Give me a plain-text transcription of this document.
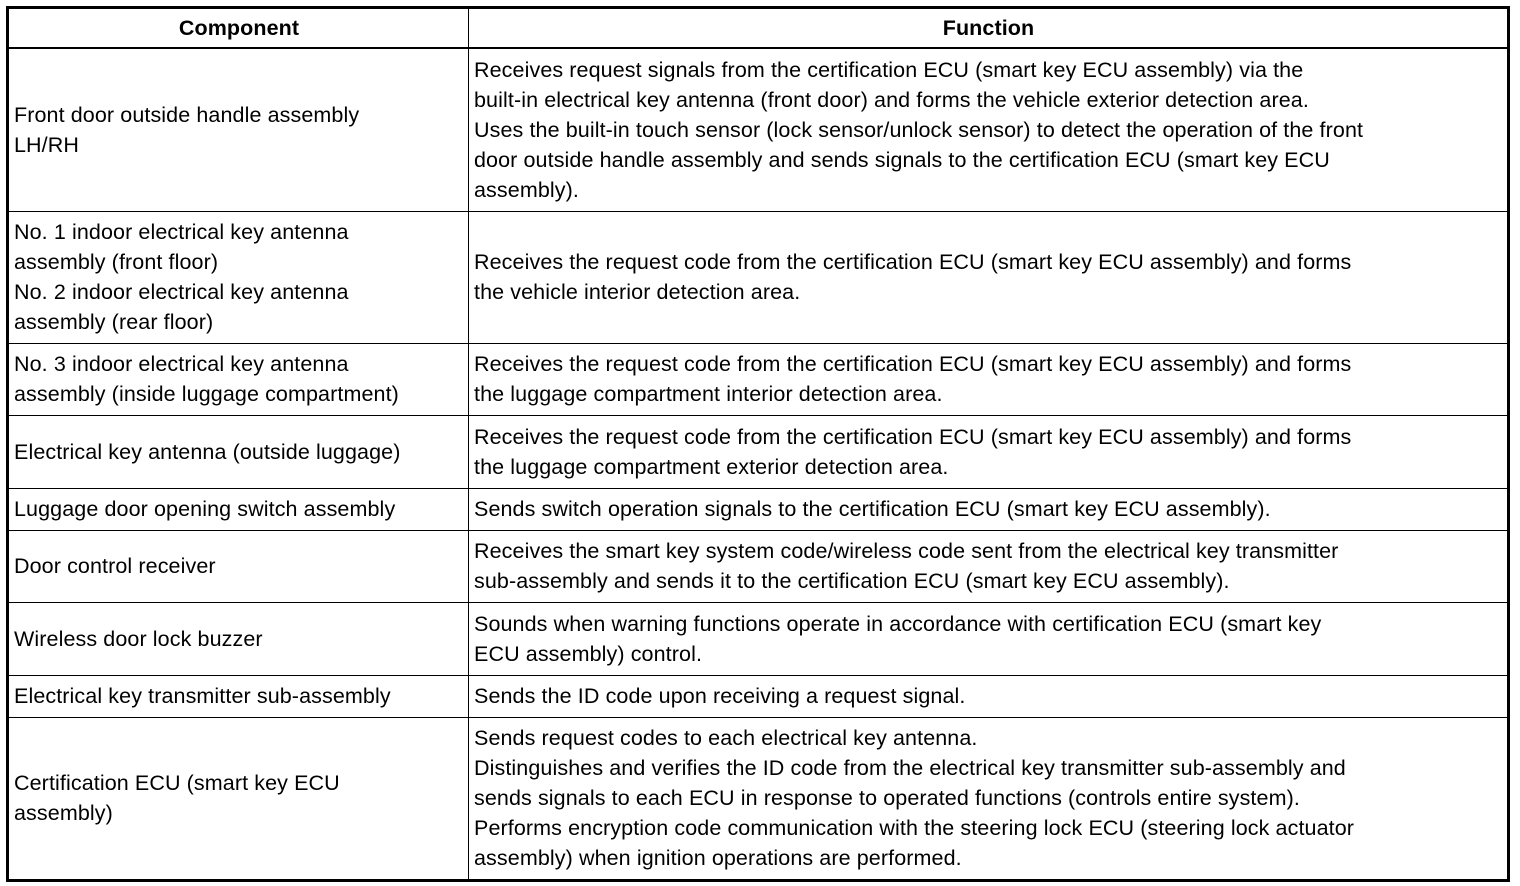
Component	Function

Front door outside handle assembly
LH/RH	Receives request signals from the certification ECU (smart key ECU assembly) via the
built-in electrical key antenna (front door) and forms the vehicle exterior detection area.
Uses the built-in touch sensor (lock sensor/unlock sensor) to detect the operation of the front
door outside handle assembly and sends signals to the certification ECU (smart key ECU
assembly).

No. 1 indoor electrical key antenna
assembly (front floor)
No. 2 indoor electrical key antenna
assembly (rear floor)	Receives the request code from the certification ECU (smart key ECU assembly) and forms
the vehicle interior detection area.

No. 3 indoor electrical key antenna
assembly (inside luggage compartment)	Receives the request code from the certification ECU (smart key ECU assembly) and forms
the luggage compartment interior detection area.

Electrical key antenna (outside luggage)	Receives the request code from the certification ECU (smart key ECU assembly) and forms
the luggage compartment exterior detection area.

Luggage door opening switch assembly	Sends switch operation signals to the certification ECU (smart key ECU assembly).

Door control receiver	Receives the smart key system code/wireless code sent from the electrical key transmitter
sub-assembly and sends it to the certification ECU (smart key ECU assembly).

Wireless door lock buzzer	Sounds when warning functions operate in accordance with certification ECU (smart key
ECU assembly) control.

Electrical key transmitter sub-assembly	Sends the ID code upon receiving a request signal.

Certification ECU (smart key ECU
assembly)	Sends request codes to each electrical key antenna.
Distinguishes and verifies the ID code from the electrical key transmitter sub-assembly and
sends signals to each ECU in response to operated functions (controls entire system).
Performs encryption code communication with the steering lock ECU (steering lock actuator
assembly) when ignition operations are performed.
